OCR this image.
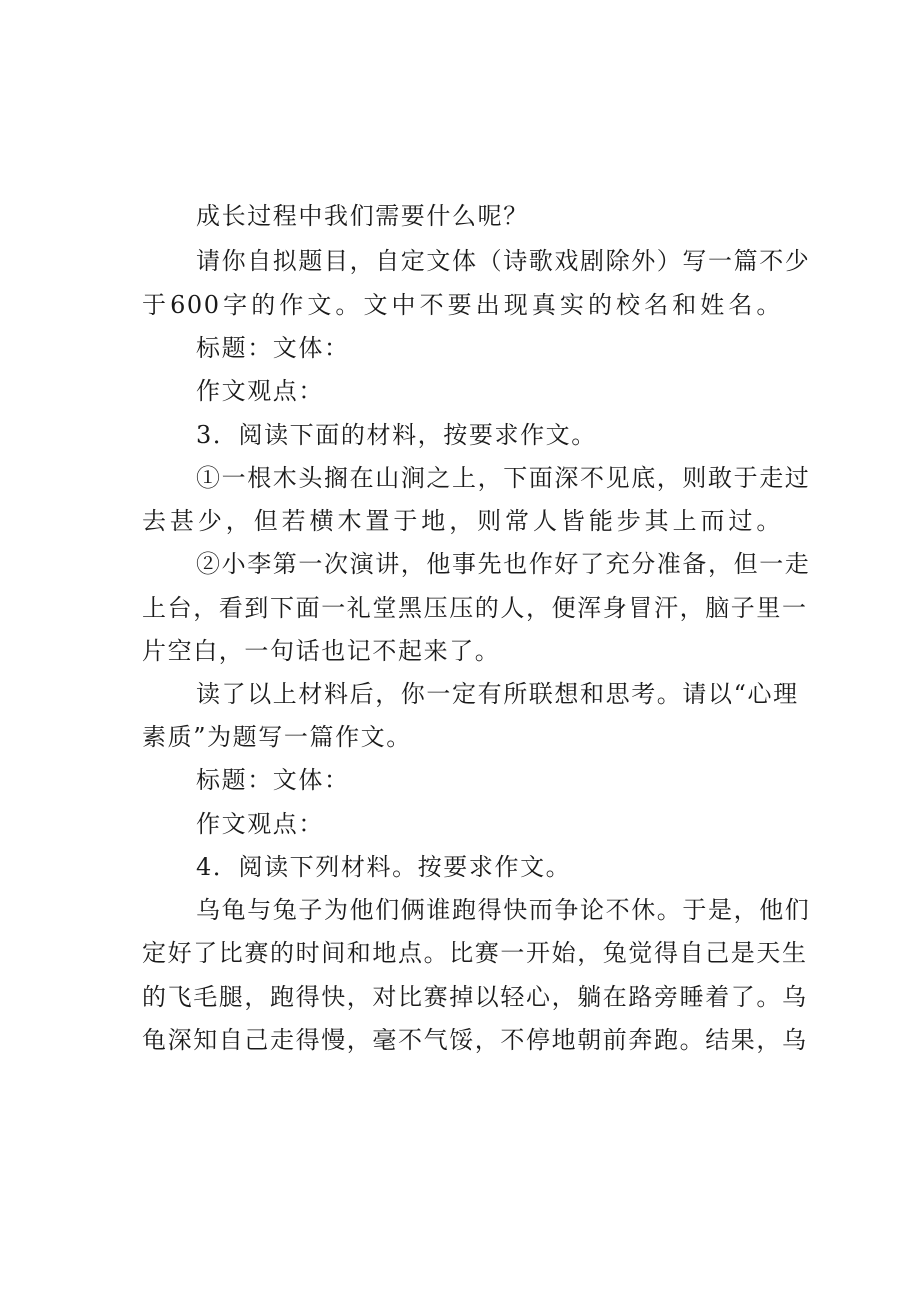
成长过程中我们需要什么呢？
请你自拟题目，自定文体（诗歌戏剧除外）写一篇不少
于600字的作文。文中不要出现真实的校名和姓名。
标题：文体：
作文观点：
3．阅读下面的材料，按要求作文。
①一根木头搁在山涧之上，下面深不见底，则敢于走过
去甚少，但若横木置于地，则常人皆能步其上而过。
②小李第一次演讲，他事先也作好了充分准备，但一走
上台，看到下面一礼堂黑压压的人，便浑身冒汗，脑子里一
片空白，一句话也记不起来了。
读了以上材料后，你一定有所联想和思考。请以“心理
素质”为题写一篇作文。
标题：文体：
作文观点：
4．阅读下列材料。按要求作文。
乌龟与兔子为他们俩谁跑得快而争论不休。于是，他们
定好了比赛的时间和地点。比赛一开始，兔觉得自己是天生
的飞毛腿，跑得快，对比赛掉以轻心，躺在路旁睡着了。乌
龟深知自己走得慢，毫不气馁，不停地朝前奔跑。结果，乌
